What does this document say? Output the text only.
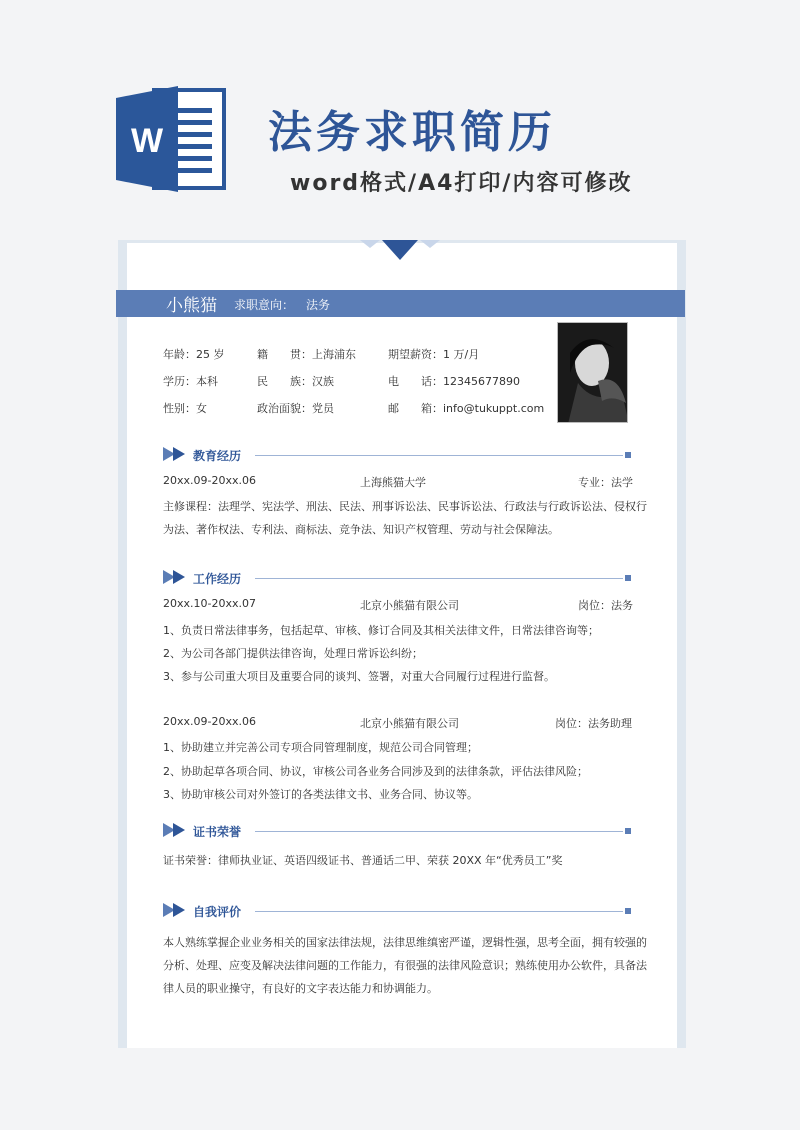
W 法务求职简历
word格式/A4打印/内容可修改
小熊猫 求职意向： 法务
年龄：25 岁	籍　　贯：上海浦东	期望薪资：1 万/月
学历：本科	民　　族：汉族	电　　话：12345677890
性别：女	政治面貌：党员	邮　　箱：info@tukuppt.com
教育经历
20xx.09-20xx.06	上海熊猫大学	专业：法学
主修课程：法理学、宪法学、刑法、民法、刑事诉讼法、民事诉讼法、行政法与行政诉讼法、侵权行
为法、著作权法、专利法、商标法、竞争法、知识产权管理、劳动与社会保障法。
工作经历
20xx.10-20xx.07	北京小熊猫有限公司	岗位：法务
1、负责日常法律事务，包括起草、审核、修订合同及其相关法律文件，日常法律咨询等；
2、为公司各部门提供法律咨询，处理日常诉讼纠纷；
3、参与公司重大项目及重要合同的谈判、签署，对重大合同履行过程进行监督。
20xx.09-20xx.06	北京小熊猫有限公司	岗位：法务助理
1、协助建立并完善公司专项合同管理制度，规范公司合同管理；
2、协助起草各项合同、协议，审核公司各业务合同涉及到的法律条款，评估法律风险；
3、协助审核公司对外签订的各类法律文书、业务合同、协议等。
证书荣誉
证书荣誉：律师执业证、英语四级证书、普通话二甲、荣获 20XX 年“优秀员工”奖
自我评价
本人熟练掌握企业业务相关的国家法律法规，法律思维缜密严谨，逻辑性强，思考全面，拥有较强的
分析、处理、应变及解决法律问题的工作能力，有很强的法律风险意识；熟练使用办公软件，具备法
律人员的职业操守，有良好的文字表达能力和协调能力。
